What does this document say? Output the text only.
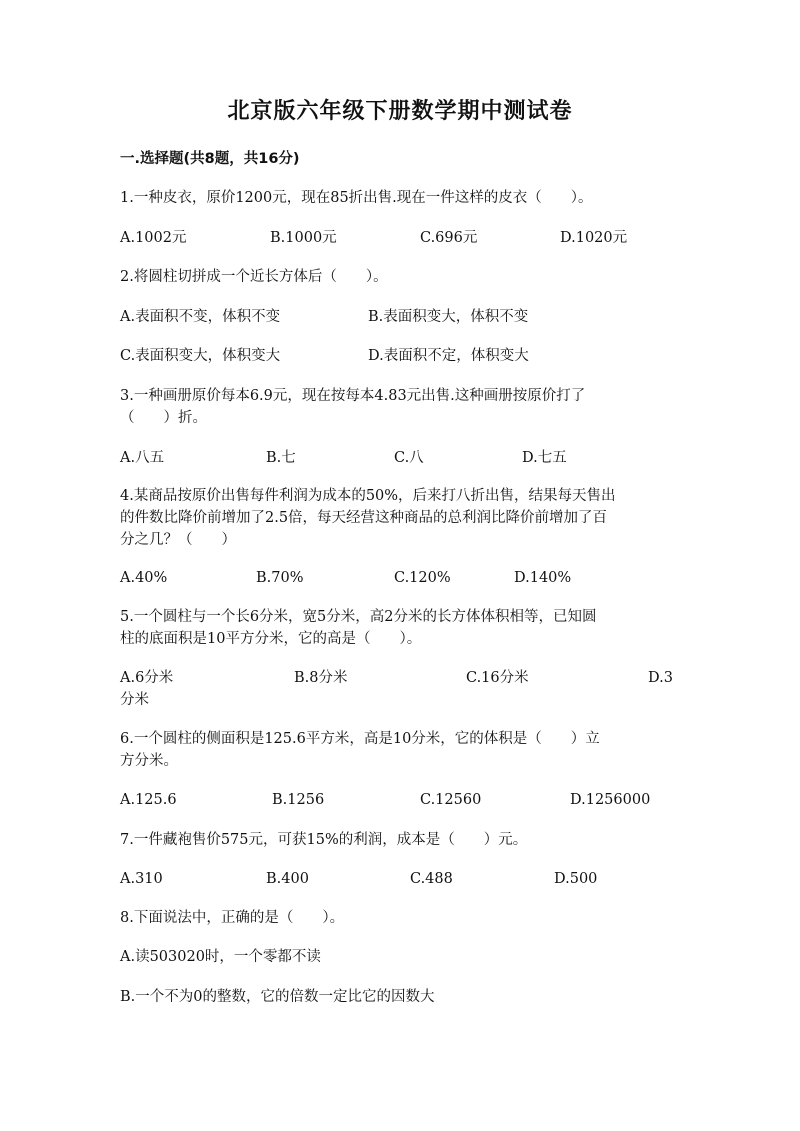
北京版六年级下册数学期中测试卷
一.选择题(共8题，共16分)
1.一种皮衣，原价1200元，现在85折出售.现在一件这样的皮衣（　　）。
A.1002元	B.1000元	C.696元	D.1020元
2.将圆柱切拼成一个近长方体后（　　）。
A.表面积不变，体积不变	B.表面积变大，体积不变
C.表面积变大，体积变大	D.表面积不定，体积变大
3.一种画册原价每本6.9元，现在按每本4.83元出售.这种画册按原价打了
（　　）折。
A.八五	B.七	C.八	D.七五
4.某商品按原价出售每件利润为成本的50%，后来打八折出售，结果每天售出
的件数比降价前增加了2.5倍，每天经营这种商品的总利润比降价前增加了百
分之几？（　　）
A.40%	B.70%	C.120%	D.140%
5.一个圆柱与一个长6分米，宽5分米，高2分米的长方体体积相等，已知圆
柱的底面积是10平方分米，它的高是（　　）。
A.6分米	B.8分米	C.16分米	D.3
分米
6.一个圆柱的侧面积是125.6平方米，高是10分米，它的体积是（　　）立
方分米。
A.125.6	B.1256	C.12560	D.1256000
7.一件藏袍售价575元，可获15%的利润，成本是（　　）元。
A.310	B.400	C.488	D.500
8.下面说法中，正确的是（　　）。
A.读503020时，一个零都不读
B.一个不为0的整数，它的倍数一定比它的因数大
